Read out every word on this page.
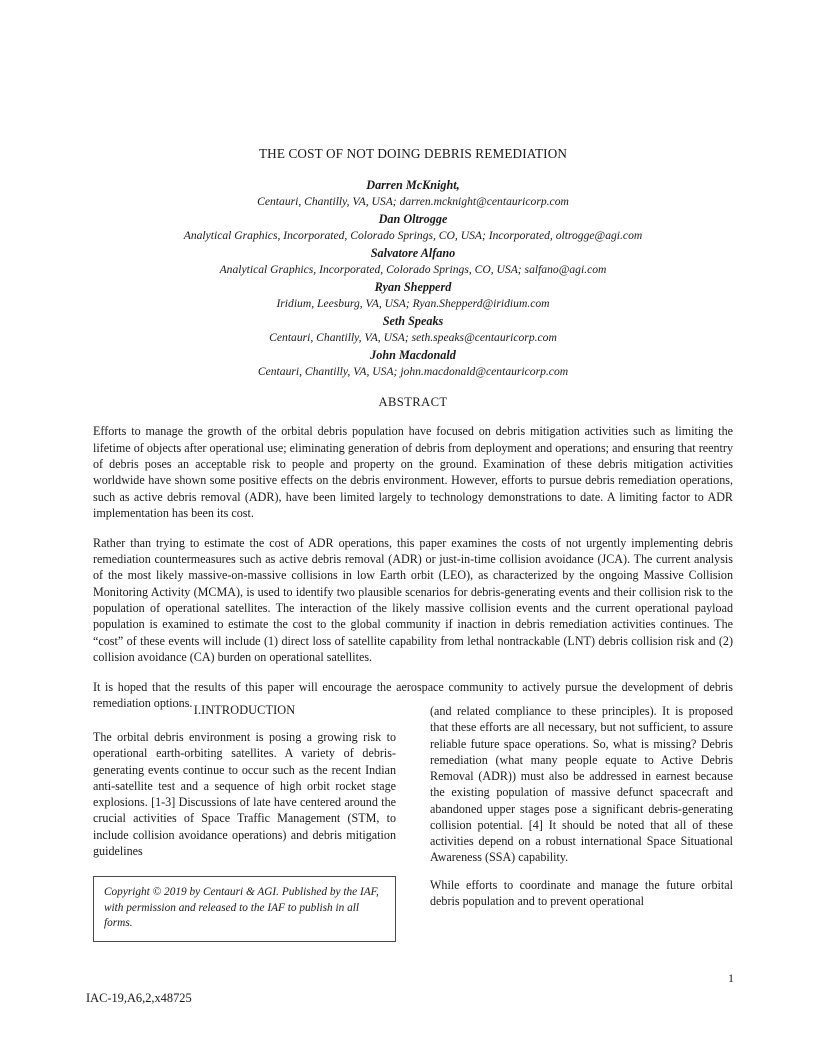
THE COST OF NOT DOING DEBRIS REMEDIATION
Darren McKnight,
Centauri, Chantilly, VA, USA; darren.mcknight@centauricorp.com
Dan Oltrogge
Analytical Graphics, Incorporated, Colorado Springs, CO, USA; Incorporated, oltrogge@agi.com
Salvatore Alfano
Analytical Graphics, Incorporated, Colorado Springs, CO, USA; salfano@agi.com
Ryan Shepperd
Iridium, Leesburg, VA, USA; Ryan.Shepperd@iridium.com
Seth Speaks
Centauri, Chantilly, VA, USA; seth.speaks@centauricorp.com
John Macdonald
Centauri, Chantilly, VA, USA; john.macdonald@centauricorp.com
ABSTRACT

Efforts to manage the growth of the orbital debris population have focused on debris mitigation activities such as limiting the lifetime of objects after operational use; eliminating generation of debris from deployment and operations; and ensuring that reentry of debris poses an acceptable risk to people and property on the ground. Examination of these debris mitigation activities worldwide have shown some positive effects on the debris environment. However, efforts to pursue debris remediation operations, such as active debris removal (ADR), have been limited largely to technology demonstrations to date. A limiting factor to ADR implementation has been its cost.

Rather than trying to estimate the cost of ADR operations, this paper examines the costs of not urgently implementing debris remediation countermeasures such as active debris removal (ADR) or just-in-time collision avoidance (JCA). The current analysis of the most likely massive-on-massive collisions in low Earth orbit (LEO), as characterized by the ongoing Massive Collision Monitoring Activity (MCMA), is used to identify two plausible scenarios for debris-generating events and their collision risk to the population of operational satellites. The interaction of the likely massive collision events and the current operational payload population is examined to estimate the cost to the global community if inaction in debris remediation activities continues. The “cost” of these events will include (1) direct loss of satellite capability from lethal nontrackable (LNT) debris collision risk and (2) collision avoidance (CA) burden on operational satellites.

It is hoped that the results of this paper will encourage the aerospace community to actively pursue the development of debris remediation options.

I.INTRODUCTION

The orbital debris environment is posing a growing risk to operational earth-orbiting satellites. A variety of debris-generating events continue to occur such as the recent Indian anti-satellite test and a sequence of high orbit rocket stage explosions. [1-3] Discussions of late have centered around the crucial activities of Space Traffic Management (STM, to include collision avoidance operations) and debris mitigation guidelines

Copyright © 2019 by Centauri & AGI. Published by the IAF, with permission and released to the IAF to publish in all forms.

(and related compliance to these principles). It is proposed that these efforts are all necessary, but not sufficient, to assure reliable future space operations. So, what is missing? Debris remediation (what many people equate to Active Debris Removal (ADR)) must also be addressed in earnest because the existing population of massive defunct spacecraft and abandoned upper stages pose a significant debris-generating collision potential. [4] It should be noted that all of these activities depend on a robust international Space Situational Awareness (SSA) capability.

While efforts to coordinate and manage the future orbital debris population and to prevent operational

1
IAC-19,A6,2,x48725
